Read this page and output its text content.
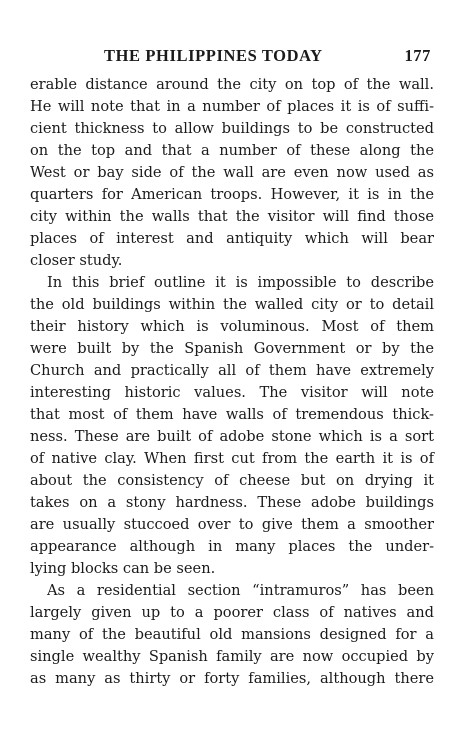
THE PHILIPPINES TODAY	177
erable distance around the city on top of the wall.
He will note that in a number of places it is of suffi-
cient thickness to allow buildings to be constructed
on the top and that a number of these along the
West or bay side of the wall are even now used as
quarters for American troops. However, it is in the
city within the walls that the visitor will find those
places of interest and antiquity which will bear
closer study.
In this brief outline it is impossible to describe
the old buildings within the walled city or to detail
their history which is voluminous. Most of them
were built by the Spanish Government or by the
Church and practically all of them have extremely
interesting historic values. The visitor will note
that most of them have walls of tremendous thick-
ness. These are built of adobe stone which is a sort
of native clay. When first cut from the earth it is of
about the consistency of cheese but on drying it
takes on a stony hardness. These adobe buildings
are usually stuccoed over to give them a smoother
appearance although in many places the under-
lying blocks can be seen.
As a residential section “intramuros” has been
largely given up to a poorer class of natives and
many of the beautiful old mansions designed for a
single wealthy Spanish family are now occupied by
as many as thirty or forty families, although there
